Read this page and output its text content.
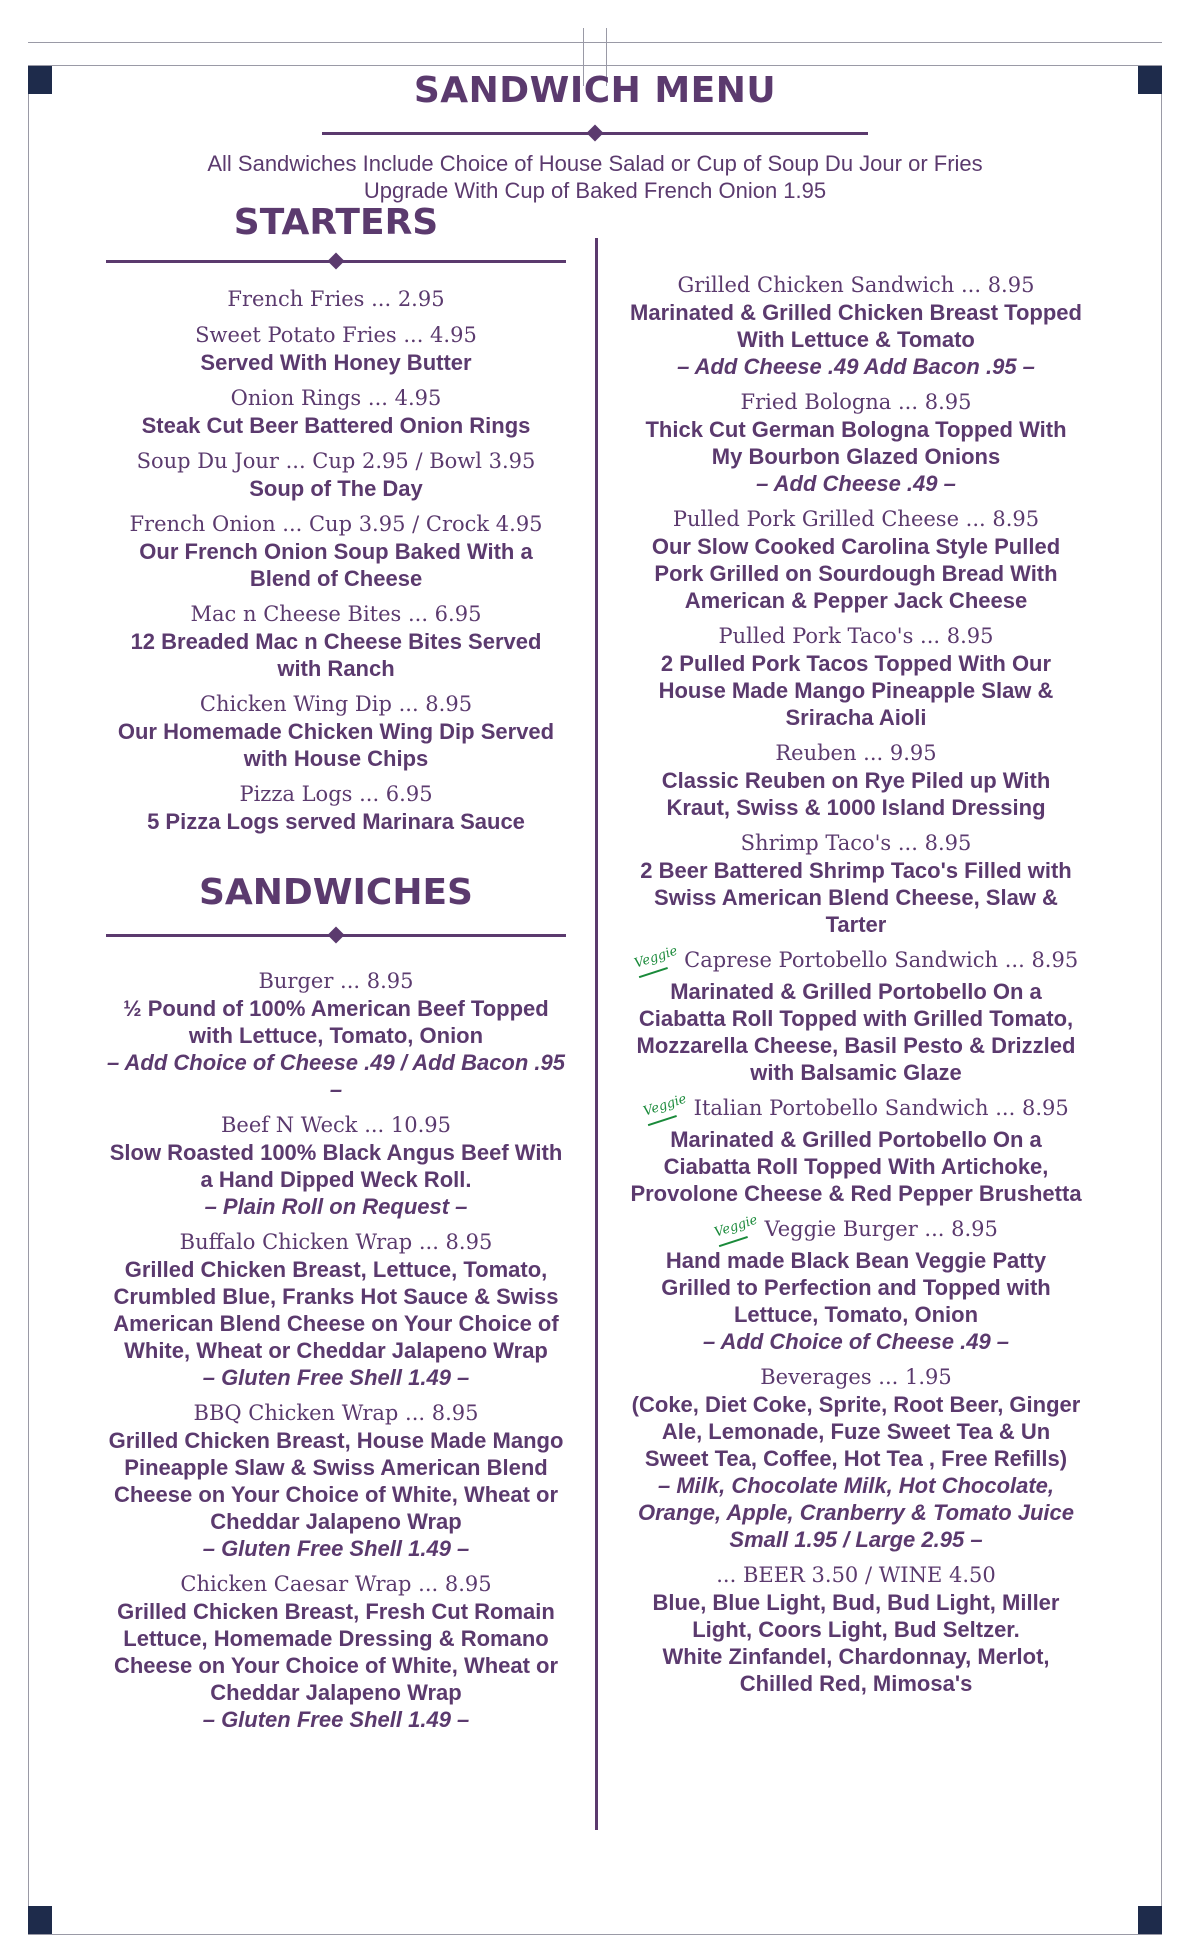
SANDWICH MENU
All Sandwiches Include Choice of House Salad or Cup of Soup Du Jour or Fries
Upgrade With Cup of Baked French Onion 1.95
STARTERS
French Fries ... 2.95
Sweet Potato Fries ... 4.95
Served With Honey Butter
Onion Rings ... 4.95
Steak Cut Beer Battered Onion Rings
Soup Du Jour ... Cup 2.95 / Bowl 3.95
Soup of The Day
French Onion ... Cup 3.95 / Crock 4.95
Our French Onion Soup Baked With a Blend of Cheese
Mac n Cheese Bites ... 6.95
12 Breaded Mac n Cheese Bites Served with Ranch
Chicken Wing Dip ... 8.95
Our Homemade Chicken Wing Dip Served with House Chips
Pizza Logs ... 6.95
5 Pizza Logs served Marinara Sauce
SANDWICHES
Burger ... 8.95
½ Pound of 100% American Beef Topped with Lettuce, Tomato, Onion
– Add Choice of Cheese .49 / Add Bacon .95 –
Beef N Weck ... 10.95
Slow Roasted 100% Black Angus Beef With a Hand Dipped Weck Roll.
– Plain Roll on Request –
Buffalo Chicken Wrap ... 8.95
Grilled Chicken Breast, Lettuce, Tomato, Crumbled Blue, Franks Hot Sauce & Swiss American Blend Cheese on Your Choice of White, Wheat or Cheddar Jalapeno Wrap
– Gluten Free Shell 1.49 –
BBQ Chicken Wrap ... 8.95
Grilled Chicken Breast, House Made Mango Pineapple Slaw & Swiss American Blend Cheese on Your Choice of White, Wheat or Cheddar Jalapeno Wrap
– Gluten Free Shell 1.49 –
Chicken Caesar Wrap ... 8.95
Grilled Chicken Breast, Fresh Cut Romain Lettuce, Homemade Dressing & Romano Cheese on Your Choice of White, Wheat or Cheddar Jalapeno Wrap
– Gluten Free Shell 1.49 –
Grilled Chicken Sandwich ... 8.95
Marinated & Grilled Chicken Breast Topped With Lettuce & Tomato
– Add Cheese .49 Add Bacon .95 –
Fried Bologna ... 8.95
Thick Cut German Bologna Topped With My Bourbon Glazed Onions
– Add Cheese .49 –
Pulled Pork Grilled Cheese ... 8.95
Our Slow Cooked Carolina Style Pulled Pork Grilled on Sourdough Bread With American & Pepper Jack Cheese
Pulled Pork Taco's ... 8.95
2 Pulled Pork Tacos Topped With Our House Made Mango Pineapple Slaw & Sriracha Aioli
Reuben ... 9.95
Classic Reuben on Rye Piled up With Kraut, Swiss & 1000 Island Dressing
Shrimp Taco's ... 8.95
2 Beer Battered Shrimp Taco's Filled with Swiss American Blend Cheese, Slaw & Tarter
Veggie Caprese Portobello Sandwich ... 8.95
Marinated & Grilled Portobello On a Ciabatta Roll Topped with Grilled Tomato, Mozzarella Cheese, Basil Pesto & Drizzled with Balsamic Glaze
Veggie Italian Portobello Sandwich ... 8.95
Marinated & Grilled Portobello On a Ciabatta Roll Topped With Artichoke, Provolone Cheese & Red Pepper Brushetta
Veggie Veggie Burger ... 8.95
Hand made Black Bean Veggie Patty Grilled to Perfection and Topped with Lettuce, Tomato, Onion
– Add Choice of Cheese .49 –
Beverages ... 1.95
(Coke, Diet Coke, Sprite, Root Beer, Ginger Ale, Lemonade, Fuze Sweet Tea & Un Sweet Tea, Coffee, Hot Tea , Free Refills)
– Milk, Chocolate Milk, Hot Chocolate, Orange, Apple, Cranberry & Tomato Juice Small 1.95 / Large 2.95 –
... BEER 3.50 / WINE 4.50
Blue, Blue Light, Bud, Bud Light, Miller Light, Coors Light, Bud Seltzer.
White Zinfandel, Chardonnay, Merlot, Chilled Red, Mimosa's
